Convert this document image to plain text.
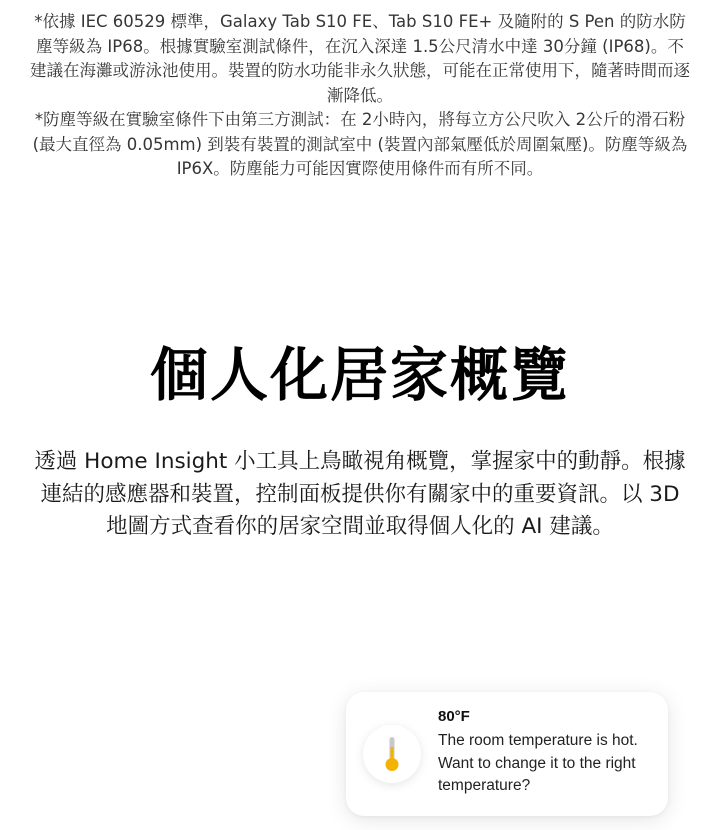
*依據 IEC 60529 標準，Galaxy Tab S10 FE、Tab S10 FE+ 及隨附的 S Pen 的防水防塵等級為 IP68。根據實驗室測試條件，在沉入深達 1.5公尺清水中達 30分鐘 (IP68)。不建議在海灘或游泳池使用。裝置的防水功能非永久狀態，可能在正常使用下，隨著時間而逐漸降低。

*防塵等級在實驗室條件下由第三方測試：在 2小時內，將每立方公尺吹入 2公斤的滑石粉 (最大直徑為 0.05mm) 到裝有裝置的測試室中 (裝置內部氣壓低於周圍氣壓)。防塵等級為 IP6X。防塵能力可能因實際使用條件而有所不同。

個人化居家概覽

透過 Home Insight 小工具上鳥瞰視角概覽，掌握家中的動靜。根據連結的感應器和裝置，控制面板提供你有關家中的重要資訊。以 3D 地圖方式查看你的居家空間並取得個人化的 AI 建議。

80°F
The room temperature is hot. Want to change it to the right temperature?
